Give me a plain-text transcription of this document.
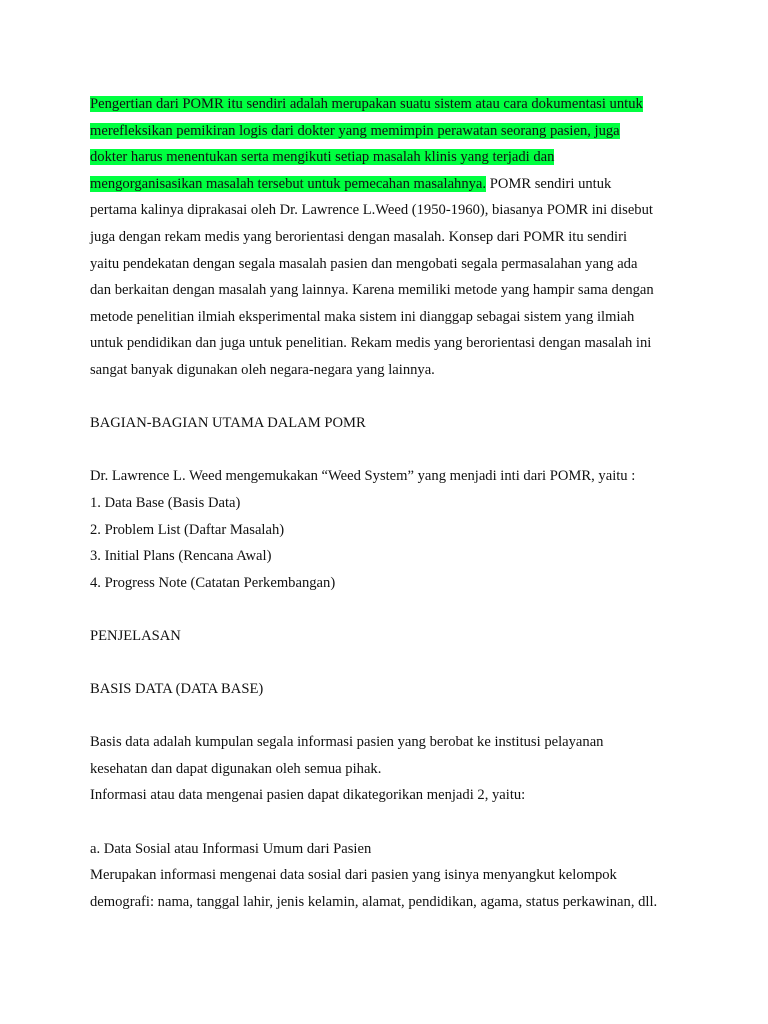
Pengertian dari POMR itu sendiri adalah merupakan suatu sistem atau cara dokumentasi untuk
merefleksikan pemikiran logis dari dokter yang memimpin perawatan seorang pasien, juga
dokter harus menentukan serta mengikuti setiap masalah klinis yang terjadi dan
mengorganisasikan masalah tersebut untuk pemecahan masalahnya. POMR sendiri untuk
pertama kalinya diprakasai oleh Dr. Lawrence L.Weed (1950-1960), biasanya POMR ini disebut
juga dengan rekam medis yang berorientasi dengan masalah. Konsep dari POMR itu sendiri
yaitu pendekatan dengan segala masalah pasien dan mengobati segala permasalahan yang ada
dan berkaitan dengan masalah yang lainnya. Karena memiliki metode yang hampir sama dengan
metode penelitian ilmiah eksperimental maka sistem ini dianggap sebagai sistem yang ilmiah
untuk pendidikan dan juga untuk penelitian. Rekam medis yang berorientasi dengan masalah ini
sangat banyak digunakan oleh negara-negara yang lainnya.
BAGIAN-BAGIAN UTAMA DALAM POMR
Dr. Lawrence L. Weed mengemukakan “Weed System” yang menjadi inti dari POMR, yaitu :
1. Data Base (Basis Data)
2. Problem List (Daftar Masalah)
3. Initial Plans (Rencana Awal)
4. Progress Note (Catatan Perkembangan)
PENJELASAN
BASIS DATA (DATA BASE)
Basis data adalah kumpulan segala informasi pasien yang berobat ke institusi pelayanan
kesehatan dan dapat digunakan oleh semua pihak.
Informasi atau data mengenai pasien dapat dikategorikan menjadi 2, yaitu:
a. Data Sosial atau Informasi Umum dari Pasien
Merupakan informasi mengenai data sosial dari pasien yang isinya menyangkut kelompok
demografi: nama, tanggal lahir, jenis kelamin, alamat, pendidikan, agama, status perkawinan, dll.
